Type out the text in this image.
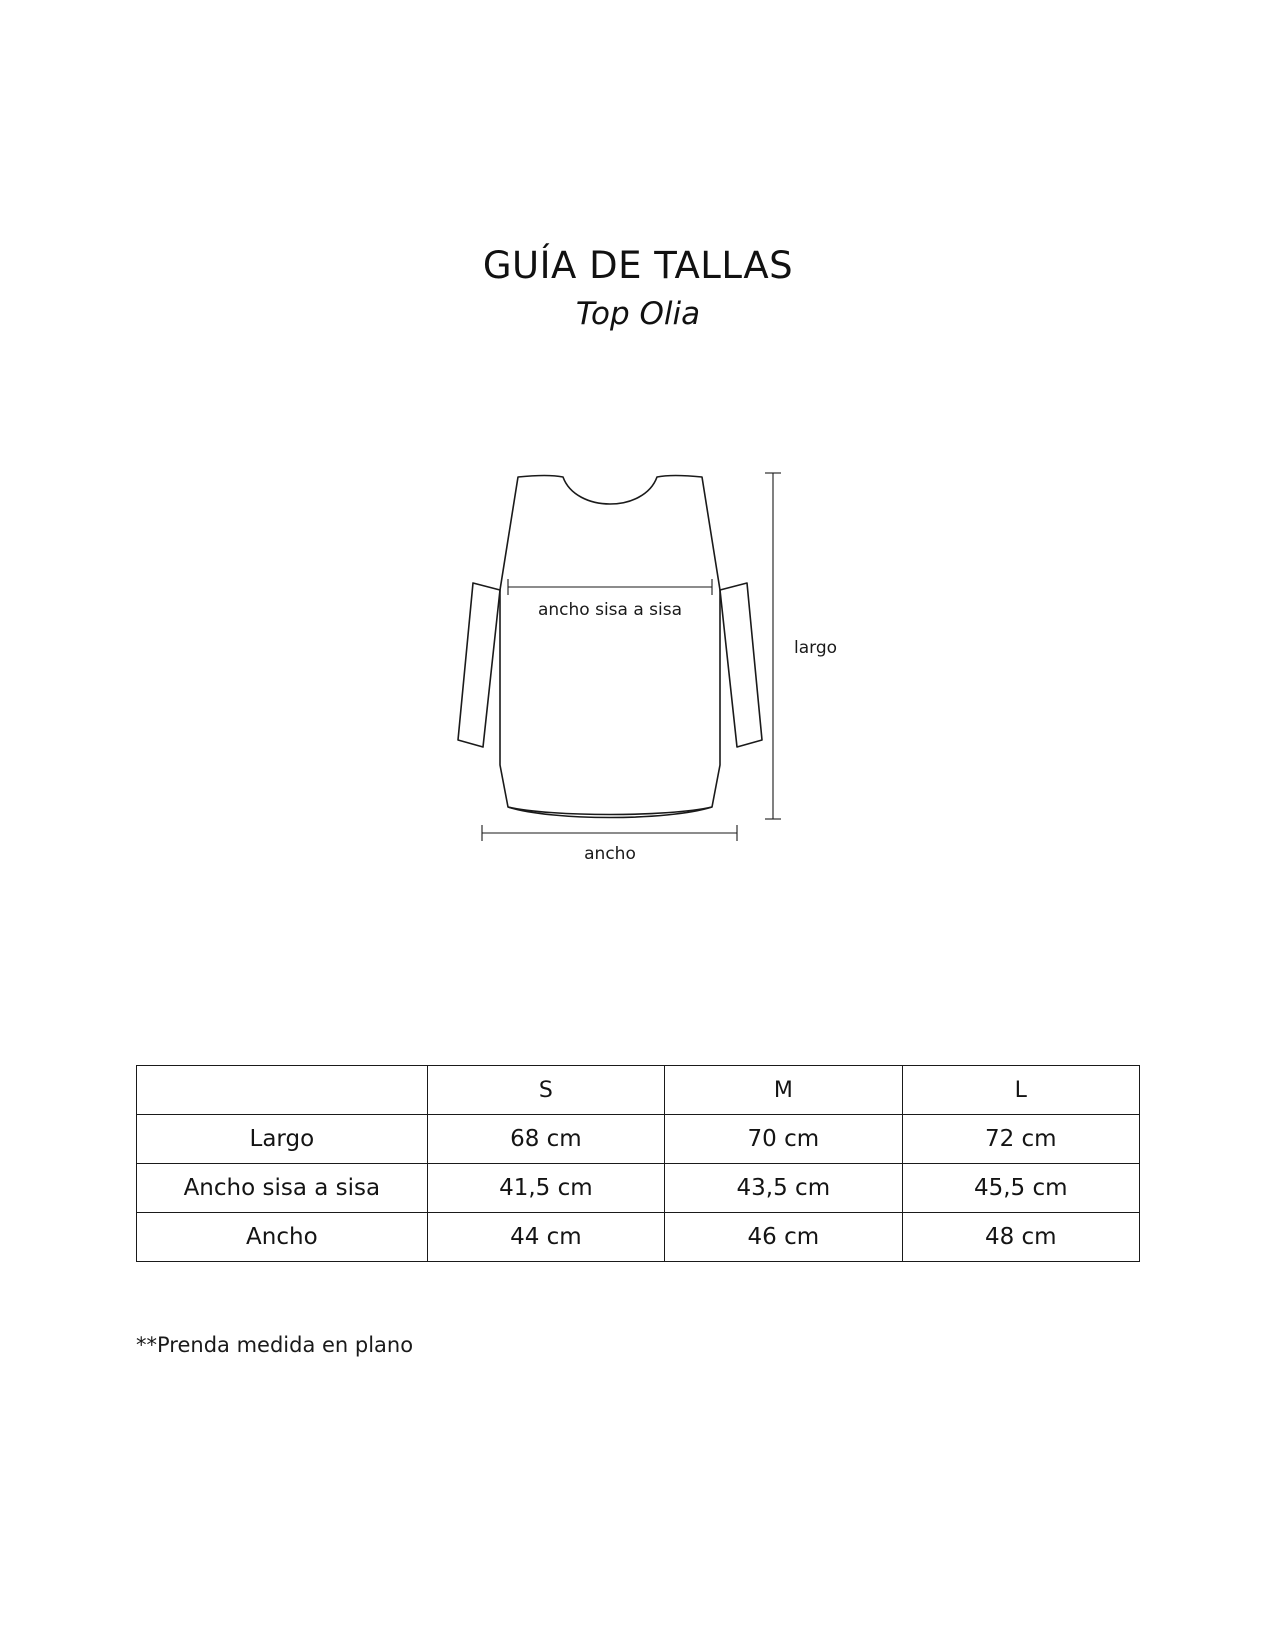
GUÍA DE TALLAS
Top Olia
ancho sisa a sisa
largo
ancho
	S	M	L
Largo	68 cm	70 cm	72 cm
Ancho sisa a sisa	41,5 cm	43,5 cm	45,5 cm
Ancho	44 cm	46 cm	48 cm
**Prenda medida en plano
